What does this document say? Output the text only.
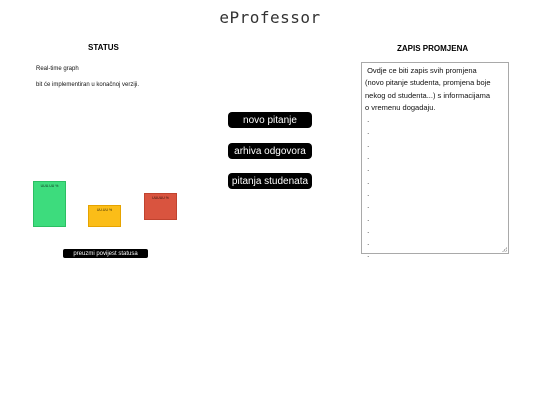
eProfessor
STATUS
Real-time graph
bit će implementiran u konačnoj verziji.
UUU.UU %
UU.UU %
UUUUU %
preuzmi povijest statusa
novo pitanje
arhiva odgovora
pitanja studenata
ZAPIS PROMJENA
Ovdje ce biti zapis svih promjena
(novo pitanje studenta, promjena boje
nekog od studenta...) s informacijama
o vremenu dogadaju.
.
.
.
.
.
.
.
.
.
.
.
.
